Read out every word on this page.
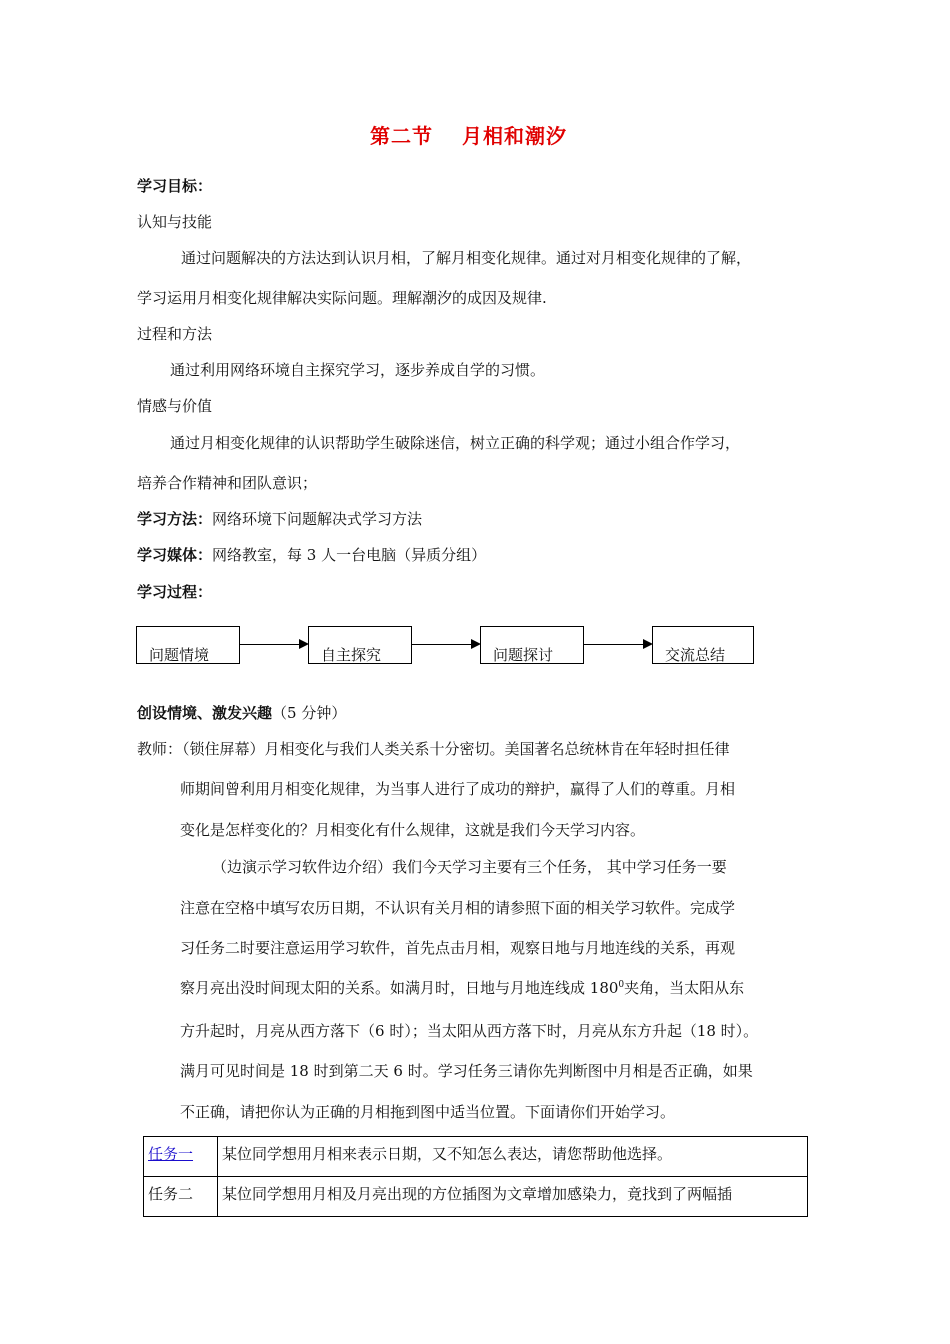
第二节　 月相和潮汐
学习目标：
认知与技能
通过问题解决的方法达到认识月相，了解月相变化规律。通过对月相变化规律的了解，
学习运用月相变化规律解决实际问题。理解潮汐的成因及规律.
过程和方法
通过利用网络环境自主探究学习，逐步养成自学的习惯。
情感与价值
通过月相变化规律的认识帮助学生破除迷信，树立正确的科学观；通过小组合作学习，
培养合作精神和团队意识；
学习方法：网络环境下问题解决式学习方法
学习媒体：网络教室，每 3 人一台电脑（异质分组）
学习过程：
问题情境	自主探究	问题探讨	交流总结
创设情境、激发兴趣（5 分钟）
教师：（锁住屏幕）月相变化与我们人类关系十分密切。美国著名总统林肯在年轻时担任律
师期间曾利用月相变化规律，为当事人进行了成功的辩护，赢得了人们的尊重。月相
变化是怎样变化的？月相变化有什么规律，这就是我们今天学习内容。
（边演示学习软件边介绍）我们今天学习主要有三个任务， 其中学习任务一要
注意在空格中填写农历日期，不认识有关月相的请参照下面的相关学习软件。完成学
习任务二时要注意运用学习软件，首先点击月相，观察日地与月地连线的关系，再观
察月亮出没时间现太阳的关系。如满月时，日地与月地连线成 $180^0$夹角，当太阳从东
方升起时，月亮从西方落下（6 时）；当太阳从西方落下时，月亮从东方升起（18 时）。
满月可见时间是 18 时到第二天 6 时。学习任务三请你先判断图中月相是否正确，如果
不正确，请把你认为正确的月相拖到图中适当位置。下面请你们开始学习。
任务一	某位同学想用月相来表示日期，又不知怎么表达，请您帮助他选择。
任务二	某位同学想用月相及月亮出现的方位插图为文章增加感染力，竟找到了两幅插
